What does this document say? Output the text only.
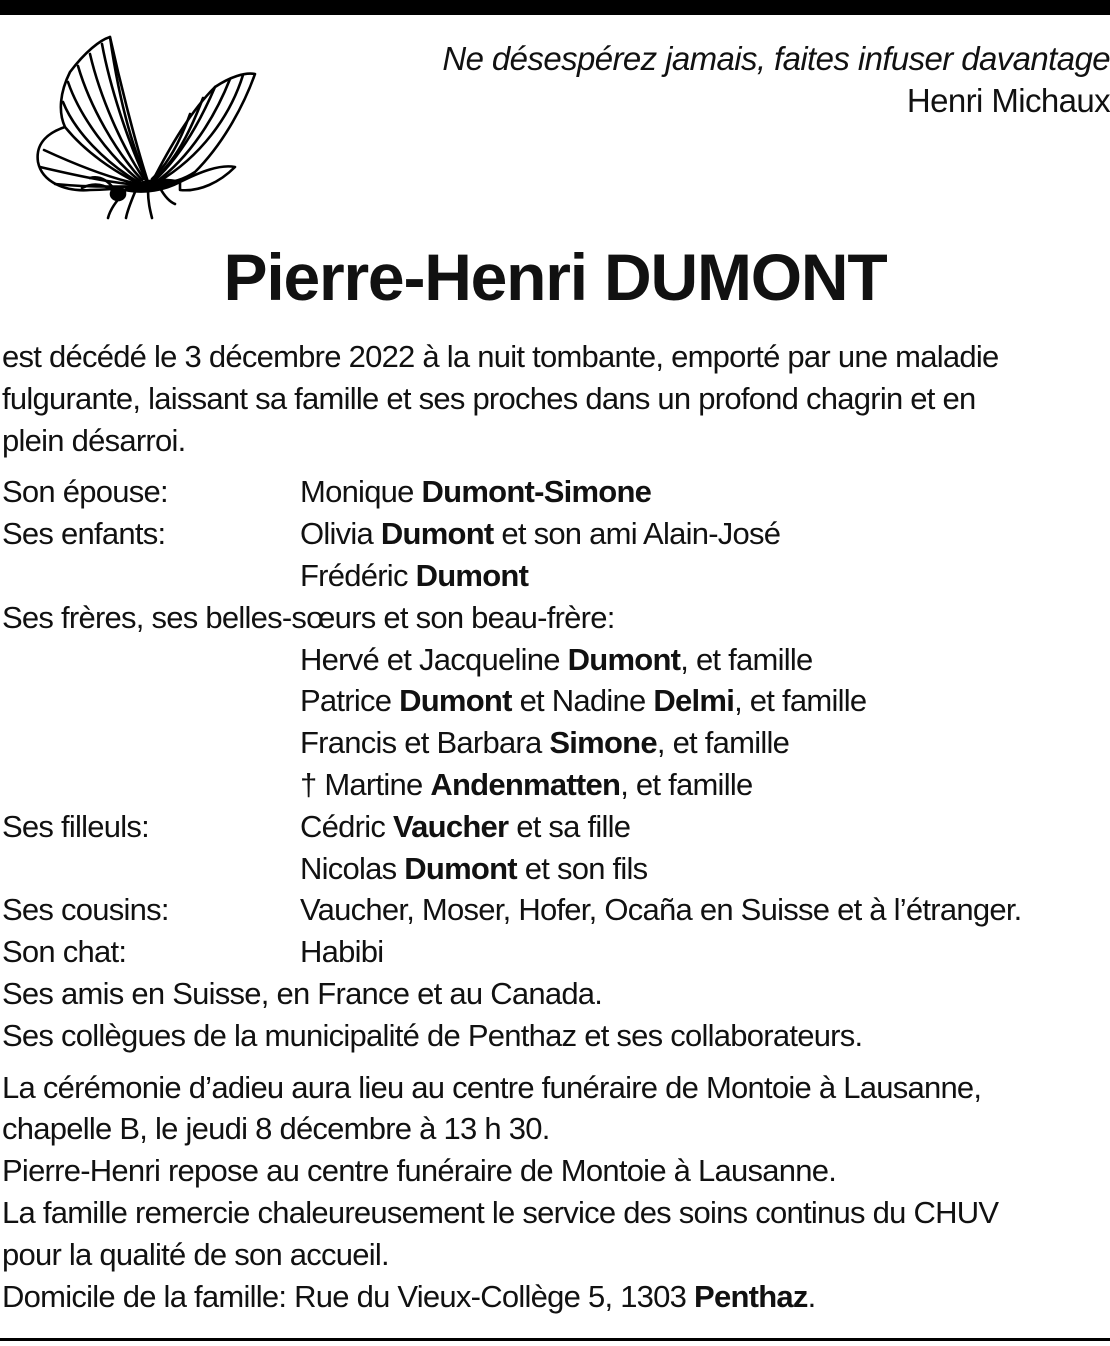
Ne désespérez jamais, faites infuser davantage
Henri Michaux
Pierre-Henri DUMONT

est décédé le 3 décembre 2022 à la nuit tombante, emporté par une maladie

fulgurante, laissant sa famille et ses proches dans un profond chagrin et en

plein désarroi.

Son épouse:	Monique Dumont-Simone
Ses enfants:	Olivia Dumont et son ami Alain-José

Frédéric Dumont

Ses frères, ses belles-sœurs et son beau-frère:

Hervé et Jacqueline Dumont, et famille

Patrice Dumont et Nadine Delmi, et famille

Francis et Barbara Simone, et famille

† Martine Andenmatten, et famille

Ses filleuls:	Cédric Vaucher et sa fille

Nicolas Dumont et son fils

Ses cousins:	Vaucher, Moser, Hofer, Ocaña en Suisse et à l’étranger.
Son chat:	Habibi

Ses amis en Suisse, en France et au Canada.

Ses collègues de la municipalité de Penthaz et ses collaborateurs.

La cérémonie d’adieu aura lieu au centre funéraire de Montoie à Lausanne,

chapelle B, le jeudi 8 décembre à 13 h 30.

Pierre-Henri repose au centre funéraire de Montoie à Lausanne.

La famille remercie chaleureusement le service des soins continus du CHUV

pour la qualité de son accueil.

Domicile de la famille: Rue du Vieux-Collège 5, 1303 Penthaz.
